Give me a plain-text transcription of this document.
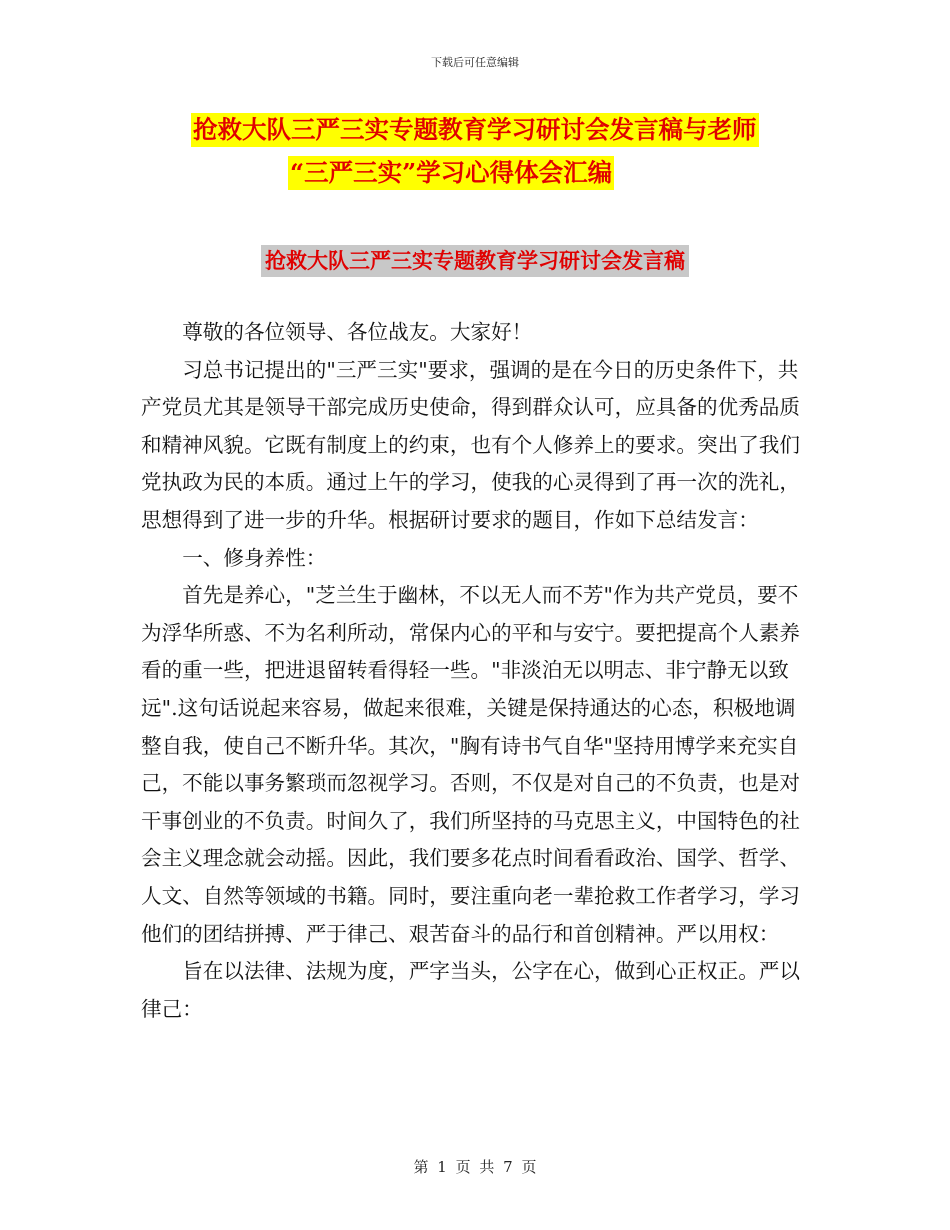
下载后可任意编辑
抢救大队三严三实专题教育学习研讨会发言稿与老师
“三严三实”学习心得体会汇编
抢救大队三严三实专题教育学习研讨会发言稿

尊敬的各位领导、各位战友。大家好！

习总书记提出的"三严三实"要求，强调的是在今日的历史条件下，共产党员尤其是领导干部完成历史使命，得到群众认可，应具备的优秀品质和精神风貌。它既有制度上的约束，也有个人修养上的要求。突出了我们党执政为民的本质。通过上午的学习，使我的心灵得到了再一次的洗礼，思想得到了进一步的升华。根据研讨要求的题目，作如下总结发言：

一、修身养性：

首先是养心，"芝兰生于幽林，不以无人而不芳"作为共产党员，要不为浮华所惑、不为名利所动，常保内心的平和与安宁。要把提高个人素养看的重一些，把进退留转看得轻一些。"非淡泊无以明志、非宁静无以致远".这句话说起来容易，做起来很难，关键是保持通达的心态，积极地调整自我，使自己不断升华。其次，"胸有诗书气自华"坚持用博学来充实自己，不能以事务繁琐而忽视学习。否则，不仅是对自己的不负责，也是对干事创业的不负责。时间久了，我们所坚持的马克思主义，中国特色的社会主义理念就会动摇。因此，我们要多花点时间看看政治、国学、哲学、人文、自然等领域的书籍。同时，要注重向老一辈抢救工作者学习，学习他们的团结拼搏、严于律己、艰苦奋斗的品行和首创精神。严以用权：

旨在以法律、法规为度，严字当头，公字在心，做到心正权正。严以律己：

第 1 页 共 7 页
